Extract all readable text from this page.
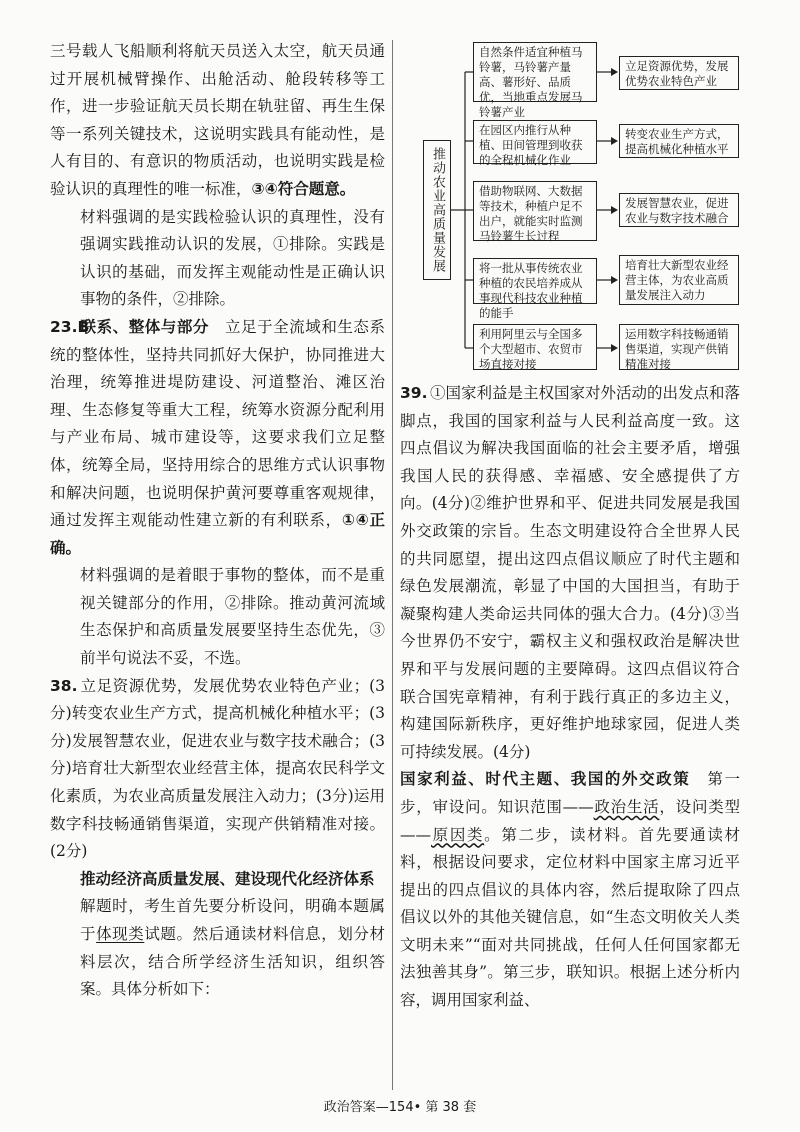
三号载人飞船顺利将航天员送入太空，航天员通过开展机械臂操作、出舱活动、舱段转移等工作，进一步验证航天员长期在轨驻留、再生生保等一系列关键技术，这说明实践具有能动性，是人有目的、有意识的物质活动，也说明实践是检验认识的真理性的唯一标准，③④符合题意。

材料强调的是实践检验认识的真理性，没有强调实践推动认识的发展，①排除。实践是认识的基础，而发挥主观能动性是正确认识事物的条件，②排除。

23.B联系、整体与部分　 立足于全流域和生态系统的整体性，坚持共同抓好大保护，协同推进大治理，统筹推进堤防建设、河道整治、滩区治理、生态修复等重大工程，统筹水资源分配利用与产业布局、城市建设等，这要求我们立足整体，统筹全局，坚持用综合的思维方式认识事物和解决问题，也说明保护黄河要尊重客观规律，通过发挥主观能动性建立新的有利联系，①④正确。

材料强调的是着眼于事物的整体，而不是重视关键部分的作用，②排除。推动黄河流域生态保护和高质量发展要坚持生态优先，③前半句说法不妥，不选。

38. 立足资源优势，发展优势农业特色产业；(3分)转变农业生产方式，提高机械化种植水平；(3分)发展智慧农业，促进农业与数字技术融合；(3分)培育壮大新型农业经营主体，提高农民科学文化素质，为农业高质量发展注入动力；(3分)运用数字科技畅通销售渠道，实现产供销精准对接。(2分)

推动经济高质量发展、建设现代化经济体系

解题时，考生首先要分析设问，明确本题属于体现类试题。然后通读材料信息，划分材料层次，结合所学经济生活知识，组织答案。具体分析如下：

推动农业高质量发展
自然条件适宜种植马铃薯，马铃薯产量高、薯形好、品质优，当地重点发展马铃薯产业
立足资源优势，发展优势农业特色产业
在园区内推行从种植、田间管理到收获的全程机械化作业
转变农业生产方式，提高机械化种植水平
借助物联网、大数据等技术，种植户足不出户，就能实时监测马铃薯生长过程
发展智慧农业，促进农业与数字技术融合
将一批从事传统农业种植的农民培养成从事现代科技农业种植的能手
培育壮大新型农业经营主体，为农业高质量发展注入动力
利用阿里云与全国多个大型超市、农贸市场直接对接
运用数字科技畅通销售渠道，实现产供销精准对接

39. ①国家利益是主权国家对外活动的出发点和落脚点，我国的国家利益与人民利益高度一致。这四点倡议为解决我国面临的社会主要矛盾，增强我国人民的获得感、幸福感、安全感提供了方向。(4分)②维护世界和平、促进共同发展是我国外交政策的宗旨。生态文明建设符合全世界人民的共同愿望，提出这四点倡议顺应了时代主题和绿色发展潮流，彰显了中国的大国担当，有助于凝聚构建人类命运共同体的强大合力。(4分)③当今世界仍不安宁，霸权主义和强权政治是解决世界和平与发展问题的主要障碍。这四点倡议符合联合国宪章精神，有利于践行真正的多边主义，构建国际新秩序，更好维护地球家园，促进人类可持续发展。(4分)

国家利益、时代主题、我国的外交政策　 第一步，审设问。知识范围——政治生活，设问类型——原因类。第二步，读材料。首先要通读材料，根据设问要求，定位材料中国家主席习近平提出的四点倡议的具体内容，然后提取除了四点倡议以外的其他关键信息，如“生态文明攸关人类文明未来”“面对共同挑战，任何人任何国家都无法独善其身”。第三步，联知识。根据上述分析内容，调用国家利益、

政治答案—154• 第 38 套
